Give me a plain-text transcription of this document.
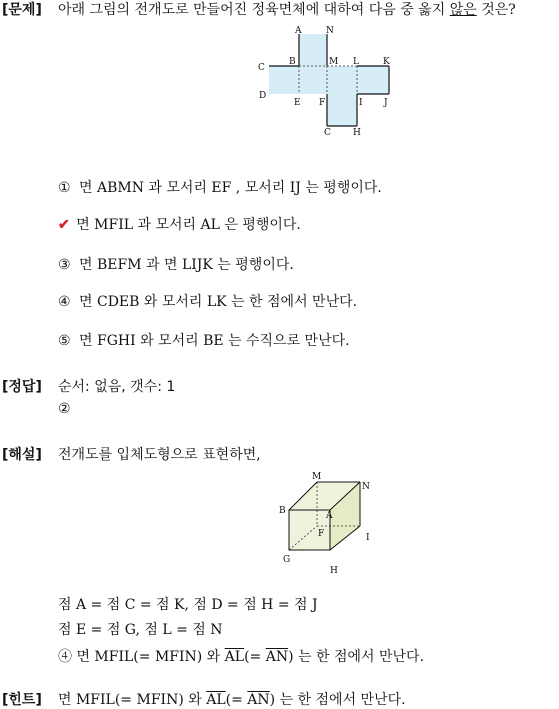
[문제] 아래 그림의 전개도로 만들어진 정육면체에 대하여 다음 중 옳지 않은 것은?
A	N
C
B	M L	K
D
E F	I J
C H
① 면 ABMN 과 모서리 EF , 모서리 IJ 는 평행이다.
✔ 면 MFIL 과 모서리 AL 은 평행이다.
③ 면 BEFM 과 면 LIJK 는 평행이다.
④ 면 CDEB 와 모서리 LK 는 한 점에서 만난다.
⑤ 면 FGHI 와 모서리 BE 는 수직으로 만난다.
[정답] 순서: 없음, 갯수: 1
②
[해설] 전개도를 입체도형으로 표현하면,
M
N
B	A
F	I
G
H
점 A = 점 C = 점 K, 점 D = 점 H = 점 J
점 E = 점 G, 점 L = 점 N
④ 면 MFIL(= MFIN) 와 $\overline{AL}(= \overline{AN})$ 는 한 점에서 만난다.
[힌트] 면 MFIL(= MFIN) 와 $\overline{AL}(= \overline{AN})$ 는 한 점에서 만난다.
